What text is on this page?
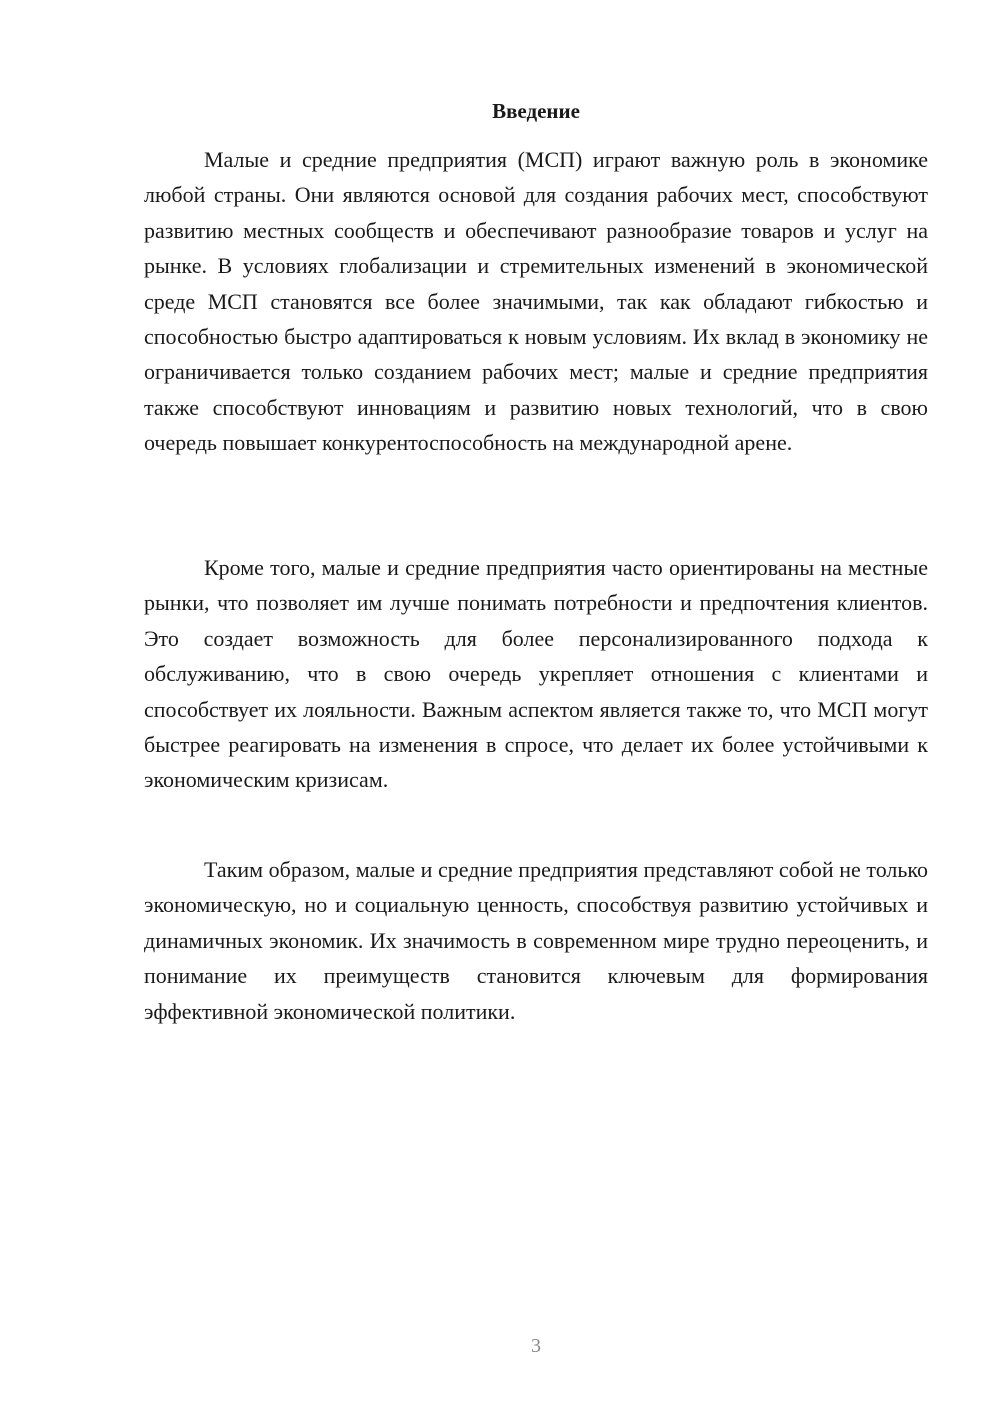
Введение

Малые и средние предприятия (МСП) играют важную роль в экономике любой страны. Они являются основой для создания рабочих мест, способствуют развитию местных сообществ и обеспечивают разнообразие товаров и услуг на рынке. В условиях глобализации и стремительных изменений в экономической среде МСП становятся все более значимыми, так как обладают гибкостью и способностью быстро адаптироваться к новым условиям. Их вклад в экономику не ограничивается только созданием рабочих мест; малые и средние предприятия также способствуют инновациям и развитию новых технологий, что в свою очередь повышает конкурентоспособность на международной арене.

Кроме того, малые и средние предприятия часто ориентированы на местные рынки, что позволяет им лучше понимать потребности и предпочтения клиентов. Это создает возможность для более персонализированного подхода к обслуживанию, что в свою очередь укрепляет отношения с клиентами и способствует их лояльности. Важным аспектом является также то, что МСП могут быстрее реагировать на изменения в спросе, что делает их более устойчивыми к экономическим кризисам.

Таким образом, малые и средние предприятия представляют собой не только экономическую, но и социальную ценность, способствуя развитию устойчивых и динамичных экономик. Их значимость в современном мире трудно переоценить, и понимание их преимуществ становится ключевым для формирования эффективной экономической политики.

3
